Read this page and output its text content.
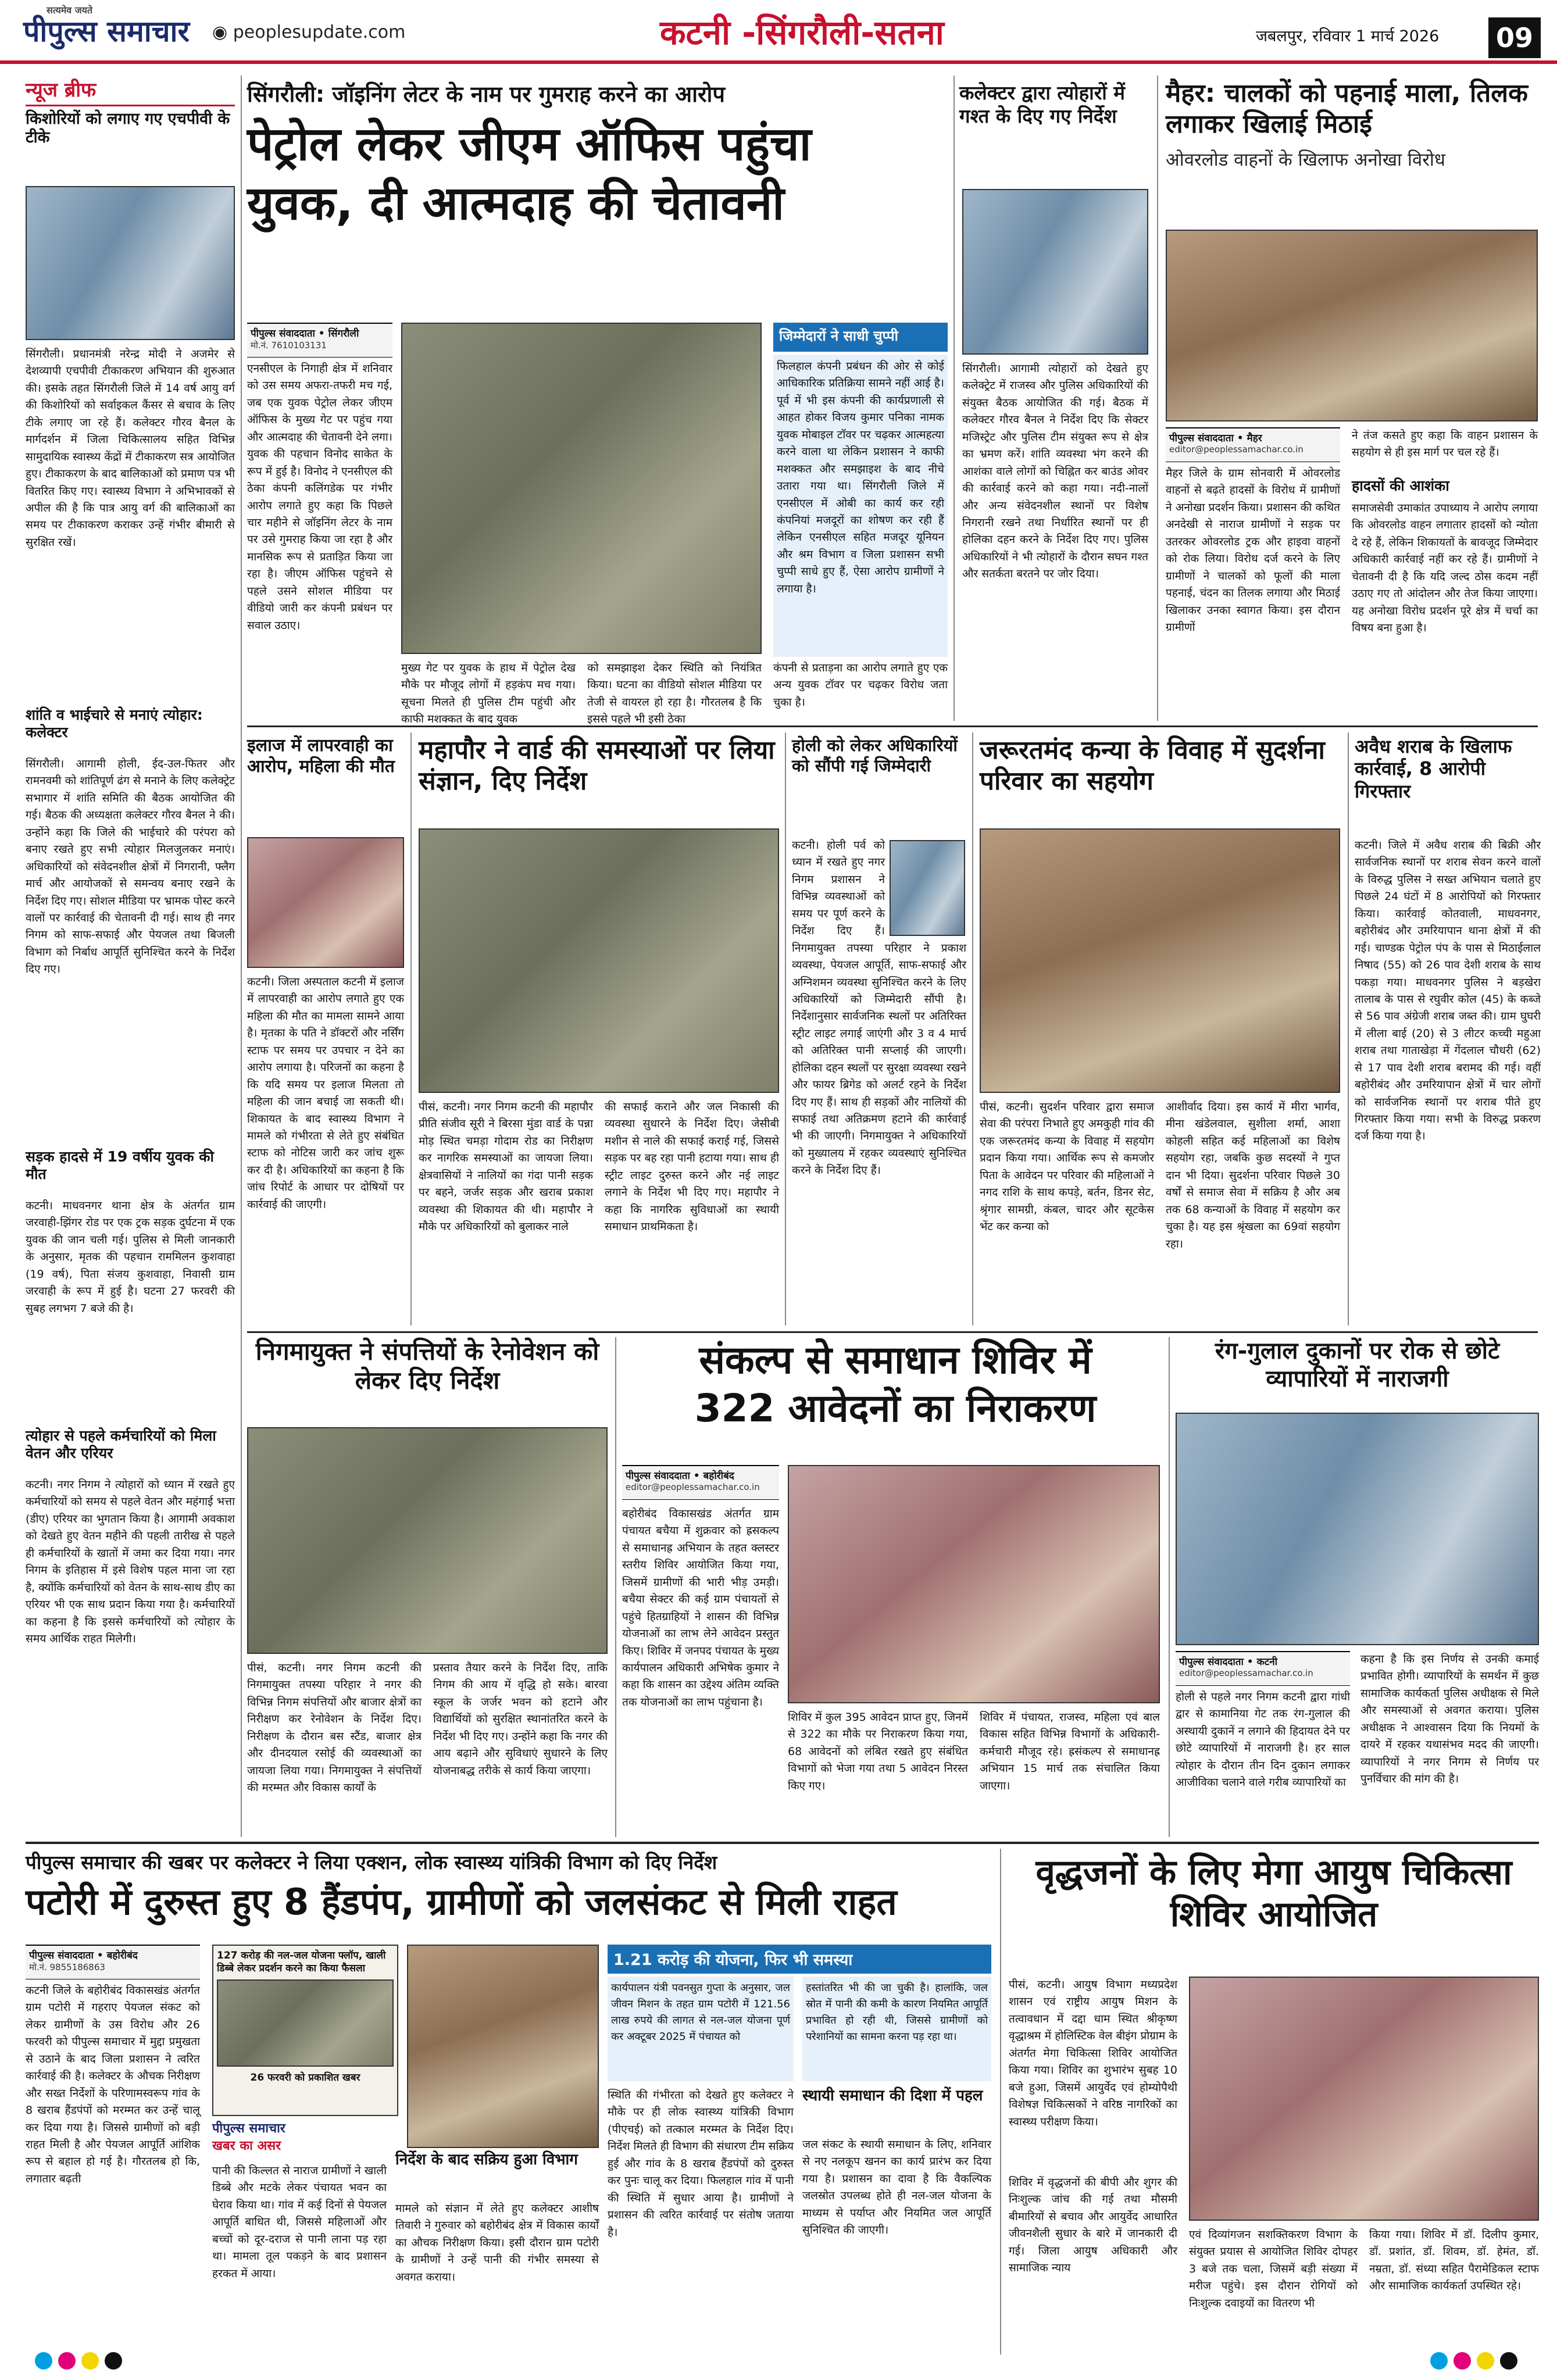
सत्यमेव जयते
पीपुल्स समाचार ◉ peoplesupdate.com	कटनी -सिंगरौली-सतना	जबलपुर, रविवार 1 मार्च 2026 09
न्यूज ब्रीफ
किशोरियों को लगाए गए एचपीवी के टीके
सिंगरौली। प्रधानमंत्री नरेन्द्र मोदी ने अजमेर से देशव्यापी एचपीवी टीकाकरण अभियान की शुरुआत की। इसके तहत सिंगरौली जिले में 14 वर्ष आयु वर्ग की किशोरियों को सर्वाइकल कैंसर से बचाव के लिए टीके लगाए जा रहे हैं। कलेक्टर गौरव बैनल के मार्गदर्शन में जिला चिकित्सालय सहित विभिन्न सामुदायिक स्वास्थ्य केंद्रों में टीकाकरण सत्र आयोजित हुए। टीकाकरण के बाद बालिकाओं को प्रमाण पत्र भी वितरित किए गए। स्वास्थ्य विभाग ने अभिभावकों से अपील की है कि पात्र आयु वर्ग की बालिकाओं का समय पर टीकाकरण कराकर उन्हें गंभीर बीमारी से सुरक्षित रखें।
शांति व भाईचारे से मनाएं त्योहार: कलेक्टर
सिंगरौली। आगामी होली, ईद-उल-फितर और रामनवमी को शांतिपूर्ण ढंग से मनाने के लिए कलेक्ट्रेट सभागार में शांति समिति की बैठक आयोजित की गई। बैठक की अध्यक्षता कलेक्टर गौरव बैनल ने की। उन्होंने कहा कि जिले की भाईचारे की परंपरा को बनाए रखते हुए सभी त्योहार मिलजुलकर मनाएं। अधिकारियों को संवेदनशील क्षेत्रों में निगरानी, फ्लैग मार्च और आयोजकों से समन्वय बनाए रखने के निर्देश दिए गए। सोशल मीडिया पर भ्रामक पोस्ट करने वालों पर कार्रवाई की चेतावनी दी गई। साथ ही नगर निगम को साफ-सफाई और पेयजल तथा बिजली विभाग को निर्बाध आपूर्ति सुनिश्चित करने के निर्देश दिए गए।
सड़क हादसे में 19 वर्षीय युवक की मौत
कटनी। माधवनगर थाना क्षेत्र के अंतर्गत ग्राम जरवाही-झिंगर रोड पर एक ट्रक सड़क दुर्घटना में एक युवक की जान चली गई। पुलिस से मिली जानकारी के अनुसार, मृतक की पहचान राममिलन कुशवाहा (19 वर्ष), पिता संजय कुशवाहा, निवासी ग्राम जरवाही के रूप में हुई है। घटना 27 फरवरी की सुबह लगभग 7 बजे की है।
त्योहार से पहले कर्मचारियों को मिला वेतन और एरियर
कटनी। नगर निगम ने त्योहारों को ध्यान में रखते हुए कर्मचारियों को समय से पहले वेतन और महंगाई भत्ता (डीए) एरियर का भुगतान किया है। आगामी अवकाश को देखते हुए वेतन महीने की पहली तारीख से पहले ही कर्मचारियों के खातों में जमा कर दिया गया। नगर निगम के इतिहास में इसे विशेष पहल माना जा रहा है, क्योंकि कर्मचारियों को वेतन के साथ-साथ डीए का एरियर भी एक साथ प्रदान किया गया है। कर्मचारियों का कहना है कि इससे कर्मचारियों को त्योहार के समय आर्थिक राहत मिलेगी।
सिंगरौली: जॉइनिंग लेटर के नाम पर गुमराह करने का आरोप
पेट्रोल लेकर जीएम ऑफिस पहुंचा
युवक, दी आत्मदाह की चेतावनी
पीपुल्स संवाददाता • सिंगरौली
मो.नं. 7610103131
एनसीएल के निगाही क्षेत्र में शनिवार को उस समय अफरा-तफरी मच गई, जब एक युवक पेट्रोल लेकर जीएम ऑफिस के मुख्य गेट पर पहुंच गया और आत्मदाह की चेतावनी देने लगा। युवक की पहचान विनोद साकेत के रूप में हुई है। विनोद ने एनसीएल की ठेका कंपनी कलिंगडेक पर गंभीर आरोप लगाते हुए कहा कि पिछले चार महीने से जॉइनिंग लेटर के नाम पर उसे गुमराह किया जा रहा है और मानसिक रूप से प्रताड़ित किया जा रहा है। जीएम ऑफिस पहुंचने से पहले उसने सोशल मीडिया पर वीडियो जारी कर कंपनी प्रबंधन पर सवाल उठाए।
मुख्य गेट पर युवक के हाथ में पेट्रोल देख मौके पर मौजूद लोगों में हड़कंप मच गया। सूचना मिलते ही पुलिस टीम पहुंची और काफी मशक्कत के बाद युवक
को समझाइश देकर स्थिति को नियंत्रित किया। घटना का वीडियो सोशल मीडिया पर तेजी से वायरल हो रहा है। गौरतलब है कि इससे पहले भी इसी ठेका
जिम्मेदारों ने साधी चुप्पी
फिलहाल कंपनी प्रबंधन की ओर से कोई आधिकारिक प्रतिक्रिया सामने नहीं आई है। पूर्व में भी इस कंपनी की कार्यप्रणाली से आहत होकर विजय कुमार पनिका नामक युवक मोबाइल टॉवर पर चढ़कर आत्महत्या करने वाला था लेकिन प्रशासन ने काफी मशक्कत और समझाइश के बाद नीचे उतारा गया था। सिंगरौली जिले में एनसीएल में ओबी का कार्य कर रही कंपनियां मजदूरों का शोषण कर रही हैं लेकिन एनसीएल सहित मजदूर यूनियन और श्रम विभाग व जिला प्रशासन सभी चुप्पी साधे हुए हैं, ऐसा आरोप ग्रामीणों ने लगाया है।
कंपनी से प्रताड़ना का आरोप लगाते हुए एक अन्य युवक टॉवर पर चढ़कर विरोध जता चुका है।
कलेक्टर द्वारा त्योहारों में गश्त के दिए गए निर्देश
सिंगरौली। आगामी त्योहारों को देखते हुए कलेक्ट्रेट में राजस्व और पुलिस अधिकारियों की संयुक्त बैठक आयोजित की गई। बैठक में कलेक्टर गौरव बैनल ने निर्देश दिए कि सेक्टर मजिस्ट्रेट और पुलिस टीम संयुक्त रूप से क्षेत्र का भ्रमण करें। शांति व्यवस्था भंग करने की आशंका वाले लोगों को चिह्नित कर बाउंड ओवर की कार्रवाई करने को कहा गया। नदी-नालों और अन्य संवेदनशील स्थानों पर विशेष निगरानी रखने तथा निर्धारित स्थानों पर ही होलिका दहन करने के निर्देश दिए गए। पुलिस अधिकारियों ने भी त्योहारों के दौरान सघन गश्त और सतर्कता बरतने पर जोर दिया।
मैहर: चालकों को पहनाई माला, तिलक लगाकर खिलाई मिठाई
ओवरलोड वाहनों के खिलाफ अनोखा विरोध
पीपुल्स संवाददाता • मैहर
editor@peoplessamachar.co.in
मैहर जिले के ग्राम सोनवारी में ओवरलोड वाहनों से बढ़ते हादसों के विरोध में ग्रामीणों ने अनोखा प्रदर्शन किया। प्रशासन की कथित अनदेखी से नाराज ग्रामीणों ने सड़क पर उतरकर ओवरलोड ट्रक और हाइवा वाहनों को रोक लिया। विरोध दर्ज करने के लिए ग्रामीणों ने चालकों को फूलों की माला पहनाई, चंदन का तिलक लगाया और मिठाई खिलाकर उनका स्वागत किया। इस दौरान ग्रामीणों
ने तंज कसते हुए कहा कि वाहन प्रशासन के सहयोग से ही इस मार्ग पर चल रहे हैं।
हादसों की आशंका
समाजसेवी उमाकांत उपाध्याय ने आरोप लगाया कि ओवरलोड वाहन लगातार हादसों को न्योता दे रहे हैं, लेकिन शिकायतों के बावजूद जिम्मेदार अधिकारी कार्रवाई नहीं कर रहे हैं। ग्रामीणों ने चेतावनी दी है कि यदि जल्द ठोस कदम नहीं उठाए गए तो आंदोलन और तेज किया जाएगा। यह अनोखा विरोध प्रदर्शन पूरे क्षेत्र में चर्चा का विषय बना हुआ है।
इलाज में लापरवाही का आरोप, महिला की मौत
कटनी। जिला अस्पताल कटनी में इलाज में लापरवाही का आरोप लगाते हुए एक महिला की मौत का मामला सामने आया है। मृतका के पति ने डॉक्टरों और नर्सिंग स्टाफ पर समय पर उपचार न देने का आरोप लगाया है। परिजनों का कहना है कि यदि समय पर इलाज मिलता तो महिला की जान बचाई जा सकती थी। शिकायत के बाद स्वास्थ्य विभाग ने मामले को गंभीरता से लेते हुए संबंधित स्टाफ को नोटिस जारी कर जांच शुरू कर दी है। अधिकारियों का कहना है कि जांच रिपोर्ट के आधार पर दोषियों पर कार्रवाई की जाएगी।
महापौर ने वार्ड की समस्याओं पर लिया संज्ञान, दिए निर्देश
पीसं, कटनी। नगर निगम कटनी की महापौर प्रीति संजीव सूरी ने बिरसा मुंडा वार्ड के पन्ना मोड़ स्थित चमड़ा गोदाम रोड का निरीक्षण कर नागरिक समस्याओं का जायजा लिया। क्षेत्रवासियों ने नालियों का गंदा पानी सड़क पर बहने, जर्जर सड़क और खराब प्रकाश व्यवस्था की शिकायत की थी। महापौर ने मौके पर अधिकारियों को बुलाकर नाले
की सफाई कराने और जल निकासी की व्यवस्था सुधारने के निर्देश दिए। जेसीबी मशीन से नाले की सफाई कराई गई, जिससे सड़क पर बह रहा पानी हटाया गया। साथ ही स्ट्रीट लाइट दुरुस्त करने और नई लाइट लगाने के निर्देश भी दिए गए। महापौर ने कहा कि नागरिक सुविधाओं का स्थायी समाधान प्राथमिकता है।
होली को लेकर अधिकारियों को सौंपी गई जिम्मेदारी
कटनी। होली पर्व को ध्यान में रखते हुए नगर निगम प्रशासन ने विभिन्न व्यवस्थाओं को समय पर पूर्ण करने के निर्देश दिए हैं। निगमायुक्त तपस्या परिहार ने प्रकाश व्यवस्था, पेयजल आपूर्ति, साफ-सफाई और अग्निशमन व्यवस्था सुनिश्चित करने के लिए अधिकारियों को जिम्मेदारी सौंपी है। निर्देशानुसार सार्वजनिक स्थलों पर अतिरिक्त स्ट्रीट लाइट लगाई जाएंगी और 3 व 4 मार्च को अतिरिक्त पानी सप्लाई की जाएगी। होलिका दहन स्थलों पर सुरक्षा व्यवस्था रखने और फायर ब्रिगेड को अलर्ट रहने के निर्देश दिए गए हैं। साथ ही सड़कों और नालियों की सफाई तथा अतिक्रमण हटाने की कार्रवाई भी की जाएगी। निगमायुक्त ने अधिकारियों को मुख्यालय में रहकर व्यवस्थाएं सुनिश्चित करने के निर्देश दिए हैं।
जरूरतमंद कन्या के विवाह में सुदर्शना परिवार का सहयोग
पीसं, कटनी। सुदर्शन परिवार द्वारा समाज सेवा की परंपरा निभाते हुए अमकुही गांव की एक जरूरतमंद कन्या के विवाह में सहयोग प्रदान किया गया। आर्थिक रूप से कमजोर पिता के आवेदन पर परिवार की महिलाओं ने नगद राशि के साथ कपड़े, बर्तन, डिनर सेट, श्रृंगार सामग्री, कंबल, चादर और सूटकेस भेंट कर कन्या को
आशीर्वाद दिया। इस कार्य में मीरा भार्गव, मीना खंडेलवाल, सुशीला शर्मा, आशा कोहली सहित कई महिलाओं का विशेष सहयोग रहा, जबकि कुछ सदस्यों ने गुप्त दान भी दिया। सुदर्शना परिवार पिछले 30 वर्षों से समाज सेवा में सक्रिय है और अब तक 68 कन्याओं के विवाह में सहयोग कर चुका है। यह इस श्रृंखला का 69वां सहयोग रहा।
अवैध शराब के खिलाफ कार्रवाई, 8 आरोपी गिरफ्तार
कटनी। जिले में अवैध शराब की बिक्री और सार्वजनिक स्थानों पर शराब सेवन करने वालों के विरुद्ध पुलिस ने सख्त अभियान चलाते हुए पिछले 24 घंटों में 8 आरोपियों को गिरफ्तार किया। कार्रवाई कोतवाली, माधवनगर, बहोरीबंद और उमरियापान थाना क्षेत्रों में की गई। चाण्डक पेट्रोल पंप के पास से मिठाईलाल निषाद (55) को 26 पाव देशी शराब के साथ पकड़ा गया। माधवनगर पुलिस ने बड़खेरा तालाब के पास से रघुवीर कोल (45) के कब्जे से 56 पाव अंग्रेजी शराब जब्त की। ग्राम घुघरी में लीला बाई (20) से 3 लीटर कच्ची महुआ शराब तथा गाताखेड़ा में गेंदलाल चौधरी (62) से 17 पाव देशी शराब बरामद की गई। वहीं बहोरीबंद और उमरियापान क्षेत्रों में चार लोगों को सार्वजनिक स्थानों पर शराब पीते हुए गिरफ्तार किया गया। सभी के विरुद्ध प्रकरण दर्ज किया गया है।
निगमायुक्त ने संपत्तियों के रेनोवेशन को लेकर दिए निर्देश
पीसं, कटनी। नगर निगम कटनी की निगमायुक्त तपस्या परिहार ने नगर की विभिन्न निगम संपत्तियों और बाजार क्षेत्रों का निरीक्षण कर रेनोवेशन के निर्देश दिए। निरीक्षण के दौरान बस स्टैंड, बाजार क्षेत्र और दीनदयाल रसोई की व्यवस्थाओं का जायजा लिया गया। निगमायुक्त ने संपत्तियों की मरम्मत और विकास कार्यों के
प्रस्ताव तैयार करने के निर्देश दिए, ताकि निगम की आय में वृद्धि हो सके। बारवा स्कूल के जर्जर भवन को हटाने और विद्यार्थियों को सुरक्षित स्थानांतरित करने के निर्देश भी दिए गए। उन्होंने कहा कि नगर की आय बढ़ाने और सुविधाएं सुधारने के लिए योजनाबद्ध तरीके से कार्य किया जाएगा।
संकल्प से समाधान शिविर में
322 आवेदनों का निराकरण
पीपुल्स संवाददाता • बहोरीबंद
editor@peoplessamachar.co.in
बहोरीबंद विकासखंड अंतर्गत ग्राम पंचायत बचैया में शुक्रवार को ह्रसकल्प से समाधानह्र अभियान के तहत क्लस्टर स्तरीय शिविर आयोजित किया गया, जिसमें ग्रामीणों की भारी भीड़ उमड़ी। बचैया सेक्टर की कई ग्राम पंचायतों से पहुंचे हितग्राहियों ने शासन की विभिन्न योजनाओं का लाभ लेने आवेदन प्रस्तुत किए। शिविर में जनपद पंचायत के मुख्य कार्यपालन अधिकारी अभिषेक कुमार ने कहा कि शासन का उद्देश्य अंतिम व्यक्ति तक योजनाओं का लाभ पहुंचाना है।
शिविर में कुल 395 आवेदन प्राप्त हुए, जिनमें से 322 का मौके पर निराकरण किया गया, 68 आवेदनों को लंबित रखते हुए संबंधित विभागों को भेजा गया तथा 5 आवेदन निरस्त किए गए।
शिविर में पंचायत, राजस्व, महिला एवं बाल विकास सहित विभिन्न विभागों के अधिकारी-कर्मचारी मौजूद रहे। ह्रसंकल्प से समाधानह्र अभियान 15 मार्च तक संचालित किया जाएगा।
रंग-गुलाल दुकानों पर रोक से छोटे व्यापारियों में नाराजगी
पीपुल्स संवाददाता • कटनी
editor@peoplessamachar.co.in
होली से पहले नगर निगम कटनी द्वारा गांधी द्वार से कामानिया गेट तक रंग-गुलाल की अस्थायी दुकानें न लगाने की हिदायत देने पर छोटे व्यापारियों में नाराजगी है। हर साल त्योहार के दौरान तीन दिन दुकान लगाकर आजीविका चलाने वाले गरीब व्यापारियों का
कहना है कि इस निर्णय से उनकी कमाई प्रभावित होगी। व्यापारियों के समर्थन में कुछ सामाजिक कार्यकर्ता पुलिस अधीक्षक से मिले और समस्याओं से अवगत कराया। पुलिस अधीक्षक ने आश्वासन दिया कि नियमों के दायरे में रहकर यथासंभव मदद की जाएगी। व्यापारियों ने नगर निगम से निर्णय पर पुनर्विचार की मांग की है।
पीपुल्स समाचार की खबर पर कलेक्टर ने लिया एक्शन, लोक स्वास्थ्य यांत्रिकी विभाग को दिए निर्देश
पटोरी में दुरुस्त हुए 8 हैंडपंप, ग्रामीणों को जलसंकट से मिली राहत
पीपुल्स संवाददाता • बहोरीबंद
मो.नं. 9855186863
कटनी जिले के बहोरीबंद विकासखंड अंतर्गत ग्राम पटोरी में गहराए पेयजल संकट को लेकर ग्रामीणों के उस विरोध और 26 फरवरी को पीपुल्स समाचार में मुद्दा प्रमुखता से उठाने के बाद जिला प्रशासन ने त्वरित कार्रवाई की है। कलेक्टर के औचक निरीक्षण और सख्त निर्देशों के परिणामस्वरूप गांव के 8 खराब हैंडपंपों को मरम्मत कर उन्हें चालू कर दिया गया है। जिससे ग्रामीणों को बड़ी राहत मिली है और पेयजल आपूर्ति आंशिक रूप से बहाल हो गई है। गौरतलब हो कि, लगातार बढ़ती
127 करोड़ की नल-जल योजना फ्लॉप, खाली डिब्बे लेकर प्रदर्शन करने का किया फैसला
26 फरवरी को प्रकाशित खबर
पीपुल्स समाचार
खबर का असर
पानी की किल्लत से नाराज ग्रामीणों ने खाली डिब्बे और मटके लेकर पंचायत भवन का घेराव किया था। गांव में कई दिनों से पेयजल आपूर्ति बाधित थी, जिससे महिलाओं और बच्चों को दूर-दराज से पानी लाना पड़ रहा था। मामला तूल पकड़ने के बाद प्रशासन हरकत में आया।
निर्देश के बाद सक्रिय हुआ विभाग
मामले को संज्ञान में लेते हुए कलेक्टर आशीष तिवारी ने गुरुवार को बहोरीबंद क्षेत्र में विकास कार्यों का औचक निरीक्षण किया। इसी दौरान ग्राम पटोरी के ग्रामीणों ने उन्हें पानी की गंभीर समस्या से अवगत कराया।
1.21 करोड़ की योजना, फिर भी समस्या
कार्यपालन यंत्री पवनसुत गुप्ता के अनुसार, जल जीवन मिशन के तहत ग्राम पटोरी में 121.56 लाख रुपये की लागत से नल-जल योजना पूर्ण कर अक्टूबर 2025 में पंचायत को
हस्तांतरित भी की जा चुकी है। हालांकि, जल स्रोत में पानी की कमी के कारण नियमित आपूर्ति प्रभावित हो रही थी, जिससे ग्रामीणों को परेशानियों का सामना करना पड़ रहा था।
स्थिति की गंभीरता को देखते हुए कलेक्टर ने मौके पर ही लोक स्वास्थ्य यांत्रिकी विभाग (पीएचई) को तत्काल मरम्मत के निर्देश दिए। निर्देश मिलते ही विभाग की संधारण टीम सक्रिय हुई और गांव के 8 खराब हैंडपंपों को दुरुस्त कर पुनः चालू कर दिया। फिलहाल गांव में पानी की स्थिति में सुधार आया है। ग्रामीणों ने प्रशासन की त्वरित कार्रवाई पर संतोष जताया है।
स्थायी समाधान की दिशा में पहल
जल संकट के स्थायी समाधान के लिए, शनिवार से नए नलकूप खनन का कार्य प्रारंभ कर दिया गया है। प्रशासन का दावा है कि वैकल्पिक जलस्रोत उपलब्ध होते ही नल-जल योजना के माध्यम से पर्याप्त और नियमित जल आपूर्ति सुनिश्चित की जाएगी।
वृद्धजनों के लिए मेगा आयुष चिकित्सा शिविर आयोजित
पीसं, कटनी। आयुष विभाग मध्यप्रदेश शासन एवं राष्ट्रीय आयुष मिशन के तत्वावधान में दद्दा धाम स्थित श्रीकृष्ण वृद्धाश्रम में होलिस्टिक वेल बीइंग प्रोग्राम के अंतर्गत मेगा चिकित्सा शिविर आयोजित किया गया। शिविर का शुभारंभ सुबह 10 बजे हुआ, जिसमें आयुर्वेद एवं होम्योपैथी विशेषज्ञ चिकित्सकों ने वरिष्ठ नागरिकों का स्वास्थ्य परीक्षण किया।
शिविर में वृद्धजनों की बीपी और शुगर की निःशुल्क जांच की गई तथा मौसमी बीमारियों से बचाव और आयुर्वेद आधारित जीवनशैली सुधार के बारे में जानकारी दी गई। जिला आयुष अधिकारी और सामाजिक न्याय
एवं दिव्यांगजन सशक्तिकरण विभाग के संयुक्त प्रयास से आयोजित शिविर दोपहर 3 बजे तक चला, जिसमें बड़ी संख्या में मरीज पहुंचे। इस दौरान रोगियों को निःशुल्क दवाइयों का वितरण भी
किया गया। शिविर में डॉ. दिलीप कुमार, डॉ. प्रशांत, डॉ. शिवम, डॉ. हेमंत, डॉ. नम्रता, डॉ. संध्या सहित पैरामेडिकल स्टाफ और सामाजिक कार्यकर्ता उपस्थित रहे।
